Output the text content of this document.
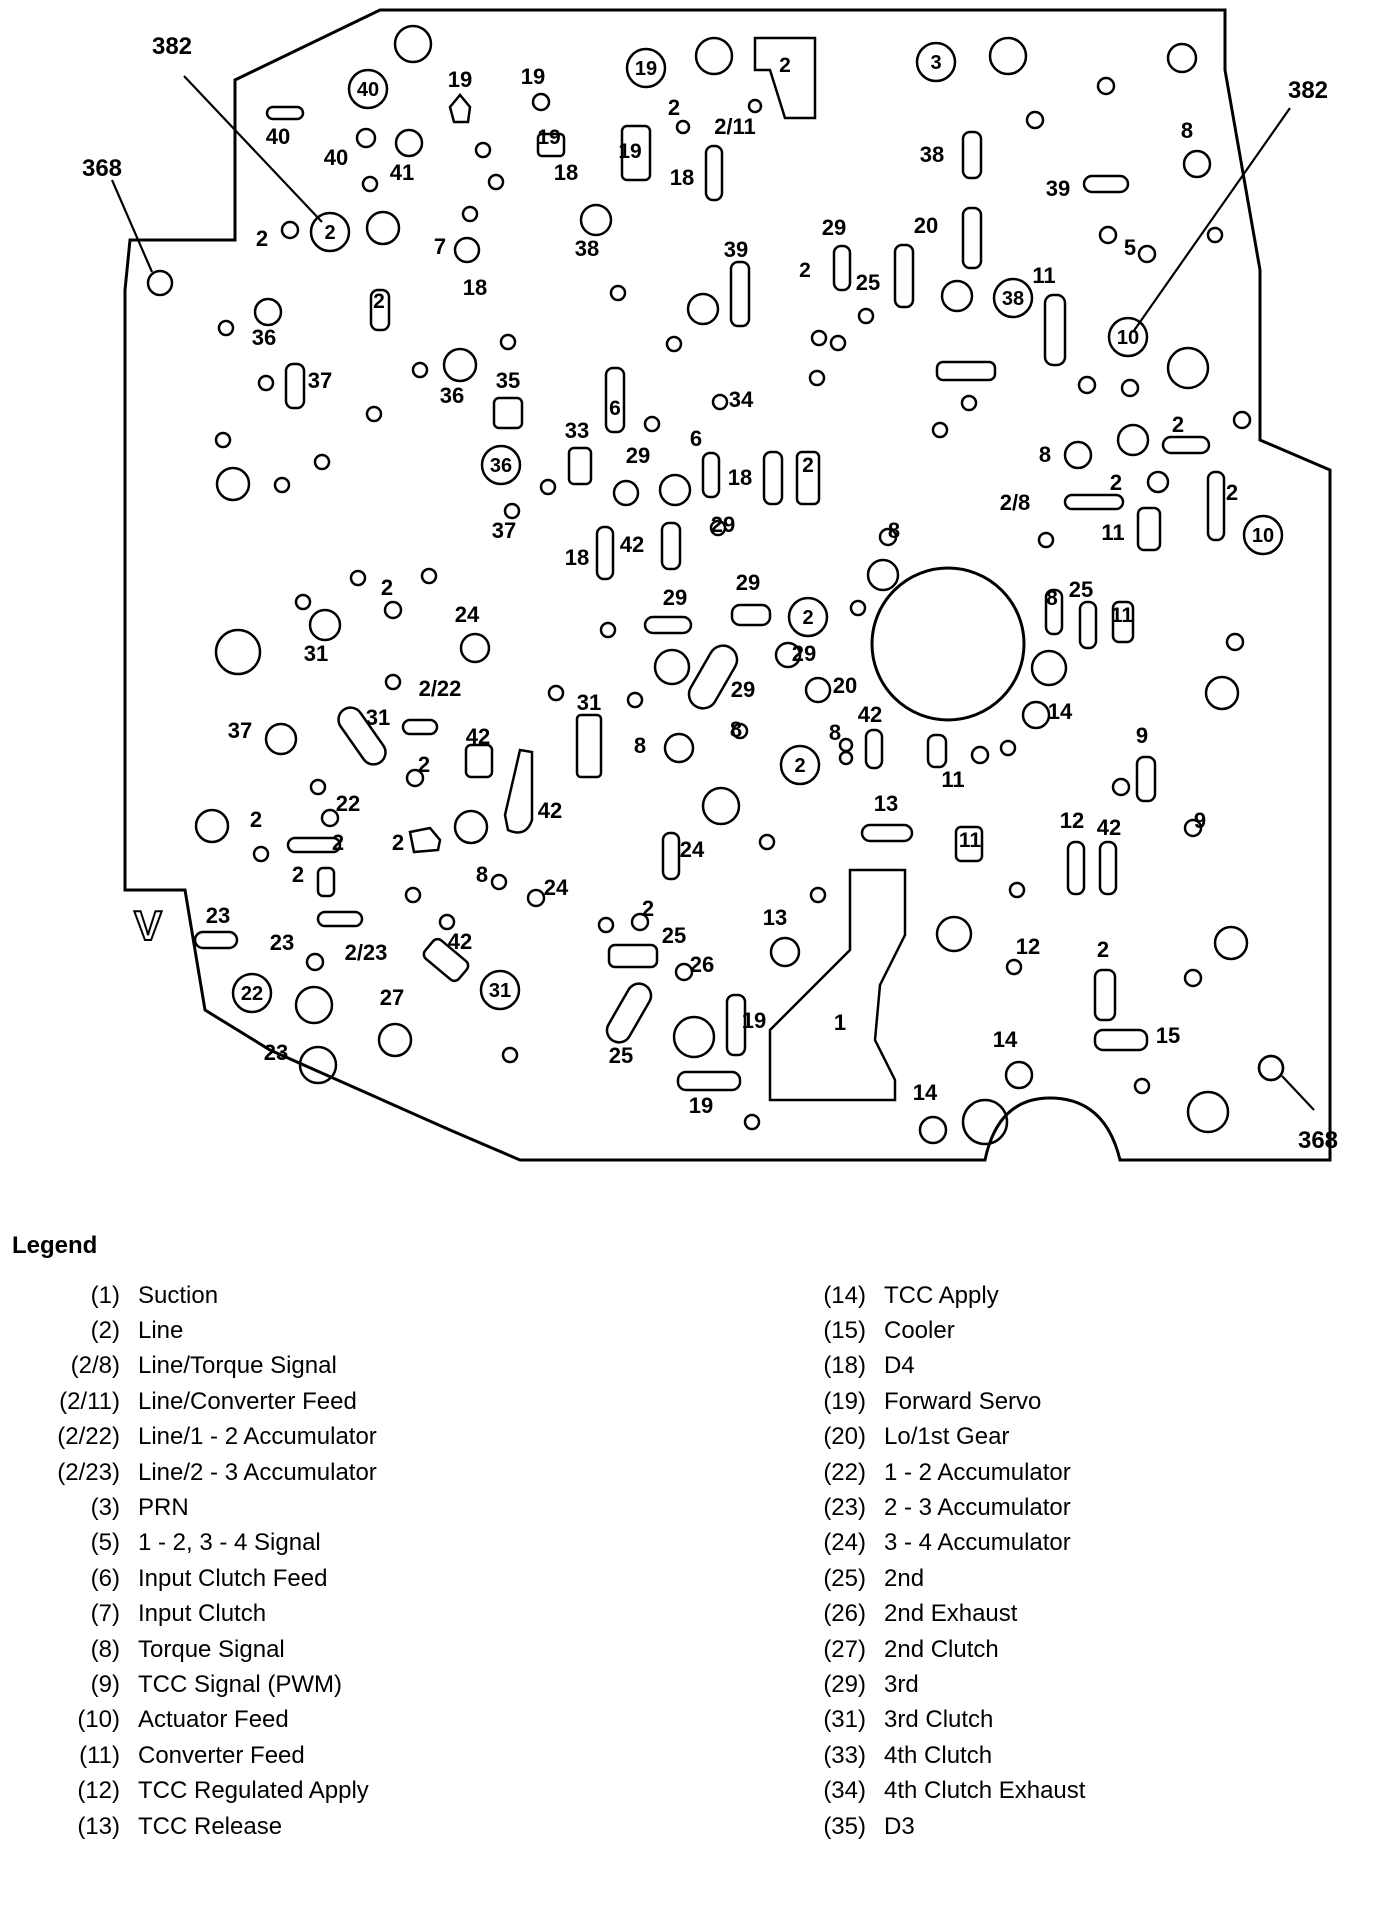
1
382
382
368
368
V
19 19
2
2/11
40
40
41	18	18
38
8
39
2	7	38
29	20
39
25	11
5
18
36
37	35
36	34
33
29
6
8
2
2	2
2/8
18
37	29
42
18
11
8
2
24
29
29	25
31	29
2/22	29	20
31
31	14
37	8
8
42
42	8	9
2
11
22	42	13
2
2 2
12 42	9
24
2	8
24
2
23	13
25	12	2
23 2/23	42
26
27
19
15
14
23	25
14
19
40
19	3
2
38
10
36
10
2
2
22	31
2
19
19
2
2
6
2
8
11
11
Legend
(1) Suction
(2) Line
(2/8) Line/Torque Signal
(2/11) Line/Converter Feed
(2/22) Line/1 - 2 Accumulator
(2/23) Line/2 - 3 Accumulator
(3) PRN
(5) 1 - 2, 3 - 4 Signal
(6) Input Clutch Feed
(7) Input Clutch
(8) Torque Signal
(9) TCC Signal (PWM)
(10) Actuator Feed
(11) Converter Feed
(12) TCC Regulated Apply
(13) TCC Release
(14) TCC Apply
(15) Cooler
(18) D4
(19) Forward Servo
(20) Lo/1st Gear
(22) 1 - 2 Accumulator
(23) 2 - 3 Accumulator
(24) 3 - 4 Accumulator
(25) 2nd
(26) 2nd Exhaust
(27) 2nd Clutch
(29) 3rd
(31) 3rd Clutch
(33) 4th Clutch
(34) 4th Clutch Exhaust
(35) D3
